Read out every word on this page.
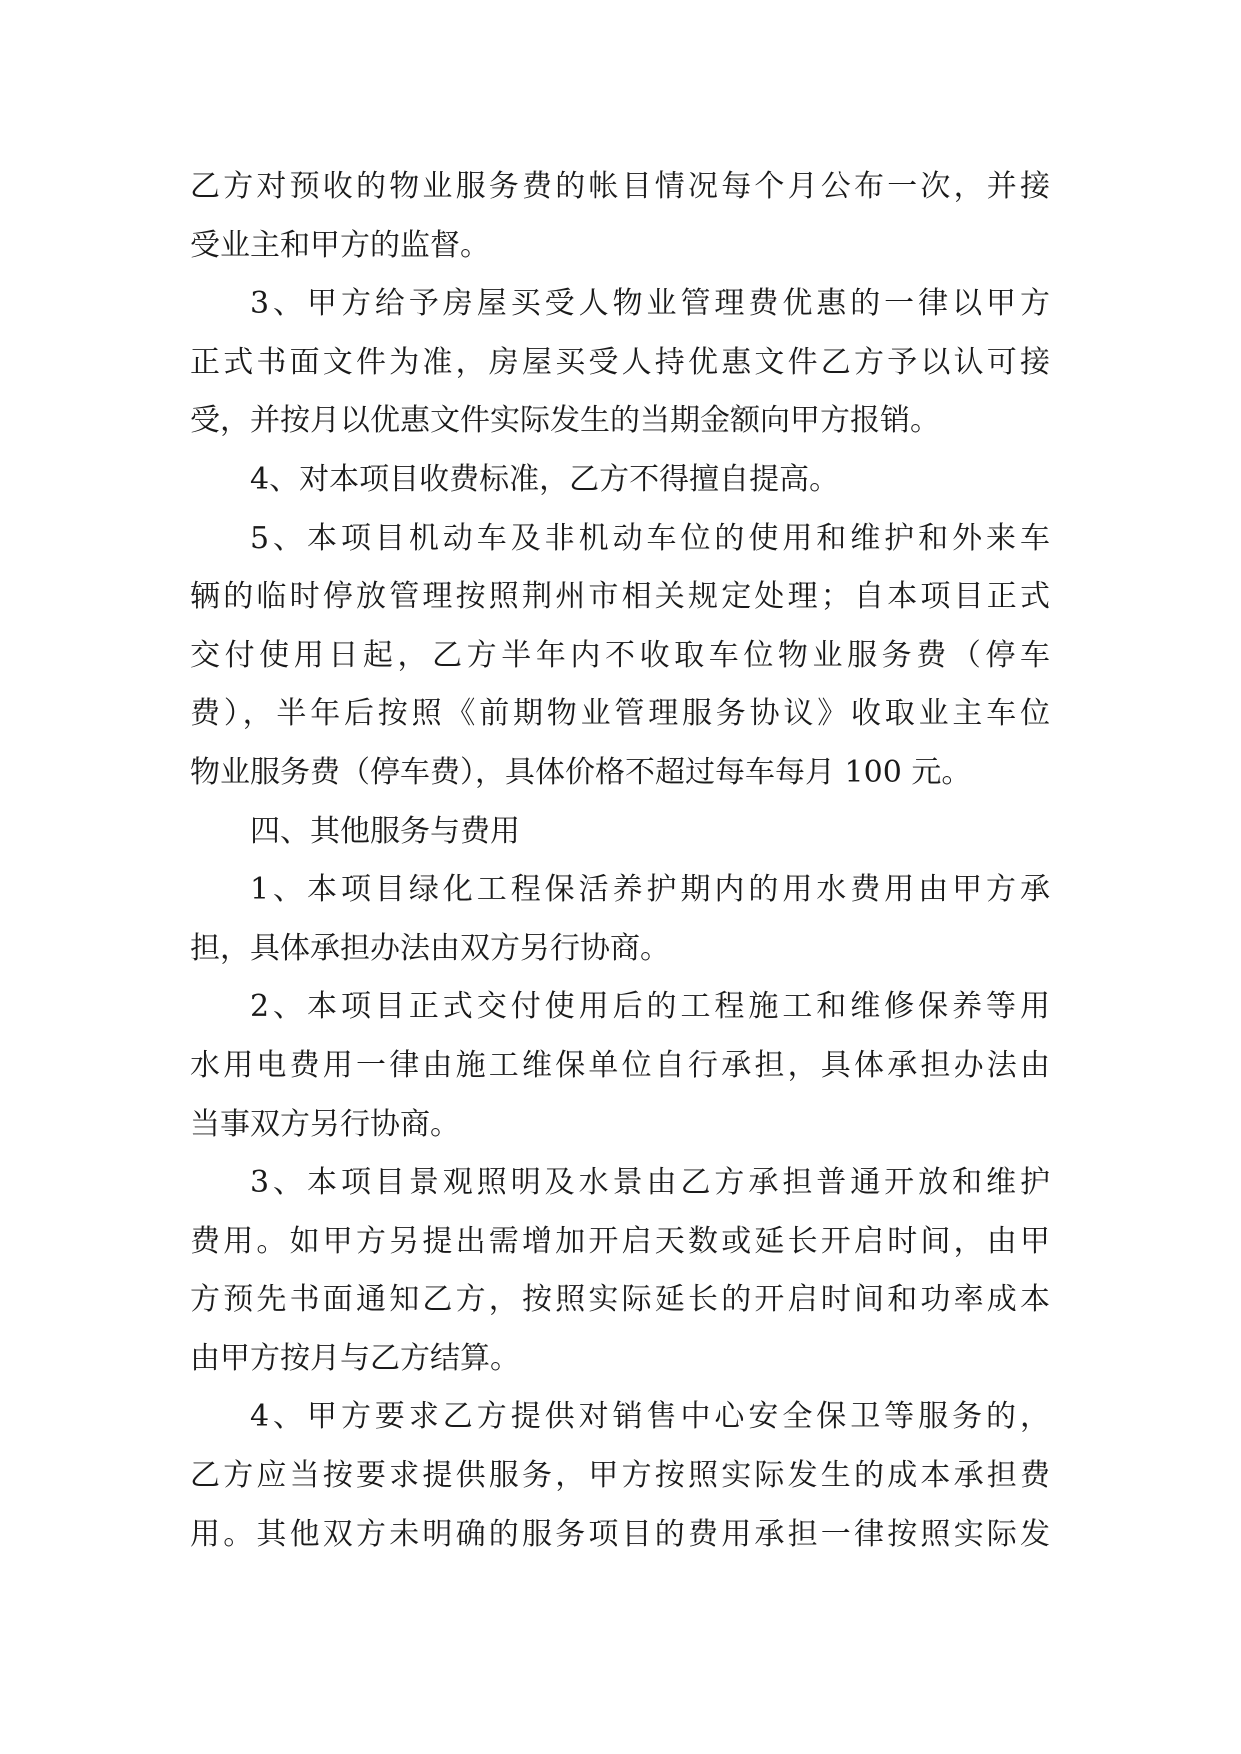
乙方对预收的物业服务费的帐目情况每个月公布一次，并接
受业主和甲方的监督。
3、甲方给予房屋买受人物业管理费优惠的一律以甲方
正式书面文件为准，房屋买受人持优惠文件乙方予以认可接
受，并按月以优惠文件实际发生的当期金额向甲方报销。
4、对本项目收费标准，乙方不得擅自提高。
5、本项目机动车及非机动车位的使用和维护和外来车
辆的临时停放管理按照荆州市相关规定处理；自本项目正式
交付使用日起，乙方半年内不收取车位物业服务费（停车
费），半年后按照《前期物业管理服务协议》收取业主车位
物业服务费（停车费），具体价格不超过每车每月 100 元。
四、其他服务与费用
1、本项目绿化工程保活养护期内的用水费用由甲方承
担，具体承担办法由双方另行协商。
2、本项目正式交付使用后的工程施工和维修保养等用
水用电费用一律由施工维保单位自行承担，具体承担办法由
当事双方另行协商。
3、本项目景观照明及水景由乙方承担普通开放和维护
费用。如甲方另提出需增加开启天数或延长开启时间，由甲
方预先书面通知乙方，按照实际延长的开启时间和功率成本
由甲方按月与乙方结算。
4、甲方要求乙方提供对销售中心安全保卫等服务的，
乙方应当按要求提供服务，甲方按照实际发生的成本承担费
用。其他双方未明确的服务项目的费用承担一律按照实际发
